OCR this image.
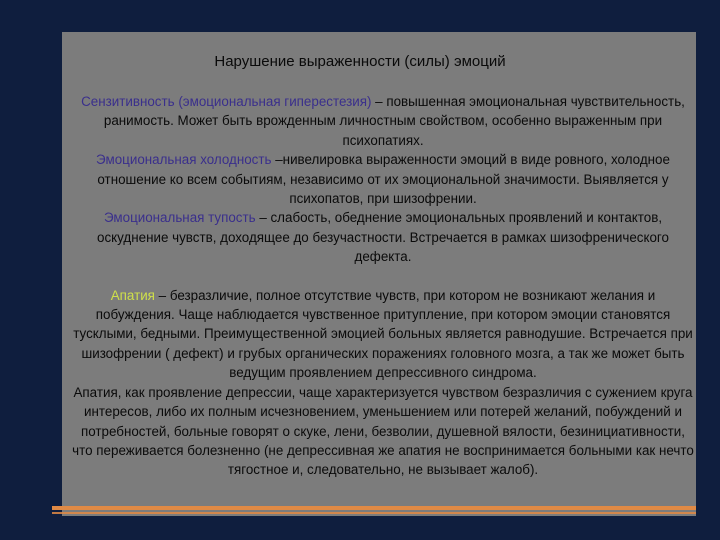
Нарушение выраженности (силы) эмоций

Сензитивность (эмоциональная гиперестезия) – повышенная эмоциональная чувствительность, ранимость. Может быть врожденным личностным свойством, особенно выраженным при психопатиях.

Эмоциональная холодность –нивелировка выраженности эмоций в виде ровного, холодное отношение ко всем событиям, независимо от их эмоциональной значимости. Выявляется у психопатов, при шизофрении.

Эмоциональная тупость – слабость, обеднение эмоциональных проявлений и контактов, оскуднение чувств, доходящее до безучастности. Встречается в рамках шизофренического дефекта.

Апатия – безразличие, полное отсутствие чувств, при котором не возникают желания и побуждения. Чаще наблюдается чувственное притупление, при котором эмоции становятся тусклыми, бедными. Преимущественной эмоцией больных является равнодушие. Встречается при шизофрении ( дефект) и грубых органических поражениях головного мозга, а так же может быть ведущим проявлением депрессивного синдрома.

Апатия, как проявление депрессии, чаще характеризуется чувством безразличия с сужением круга интересов, либо их полным исчезновением, уменьшением или потерей желаний, побуждений и потребностей, больные говорят о скуке, лени, безволии, душевной вялости, безинициативности, что переживается болезненно (не депрессивная же апатия не воспринимается больными как нечто тягостное и, следовательно, не вызывает жалоб).
